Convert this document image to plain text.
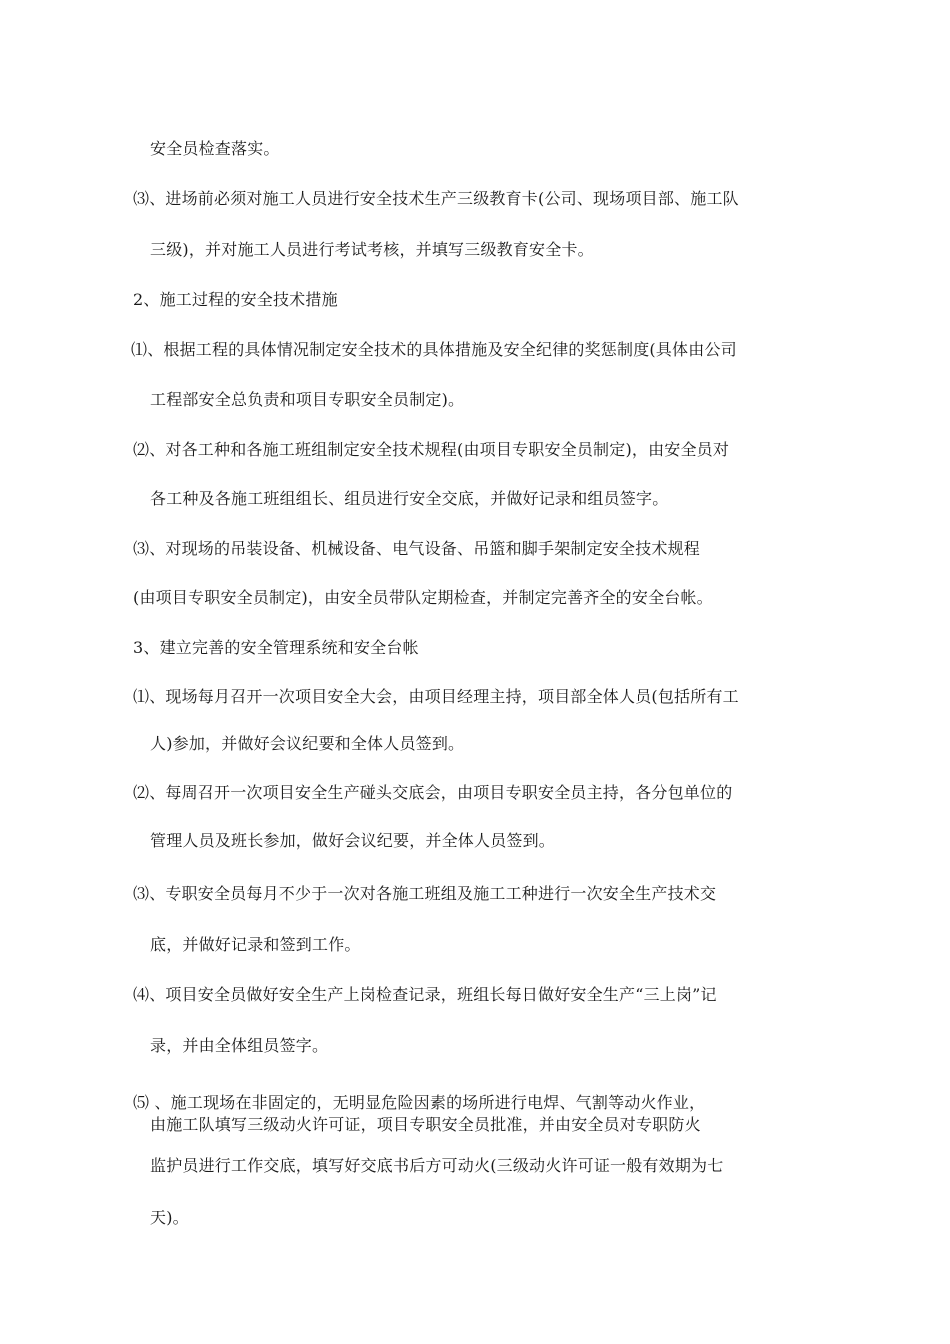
安全员检查落实。
⑶、进场前必须对施工人员进行安全技术生产三级教育卡(公司、现场项目部、施工队
三级)，并对施工人员进行考试考核，并填写三级教育安全卡。
2、施工过程的安全技术措施
⑴、根据工程的具体情况制定安全技术的具体措施及安全纪律的奖惩制度(具体由公司
工程部安全总负责和项目专职安全员制定)。
⑵、对各工种和各施工班组制定安全技术规程(由项目专职安全员制定)，由安全员对
各工种及各施工班组组长、组员进行安全交底，并做好记录和组员签字。
⑶、对现场的吊装设备、机械设备、电气设备、吊篮和脚手架制定安全技术规程
(由项目专职安全员制定)，由安全员带队定期检查，并制定完善齐全的安全台帐。
3、建立完善的安全管理系统和安全台帐
⑴、现场每月召开一次项目安全大会，由项目经理主持，项目部全体人员(包括所有工
人)参加，并做好会议纪要和全体人员签到。
⑵、每周召开一次项目安全生产碰头交底会，由项目专职安全员主持，各分包单位的
管理人员及班长参加，做好会议纪要，并全体人员签到。
⑶、专职安全员每月不少于一次对各施工班组及施工工种进行一次安全生产技术交
底，并做好记录和签到工作。
⑷、项目安全员做好安全生产上岗检查记录，班组长每日做好安全生产“三上岗”记
录，并由全体组员签字。
⑸ 、施工现场在非固定的，无明显危险因素的场所进行电焊、气割等动火作业，
由施工队填写三级动火许可证，项目专职安全员批准，并由安全员对专职防火
监护员进行工作交底，填写好交底书后方可动火(三级动火许可证一般有效期为七
天)。
